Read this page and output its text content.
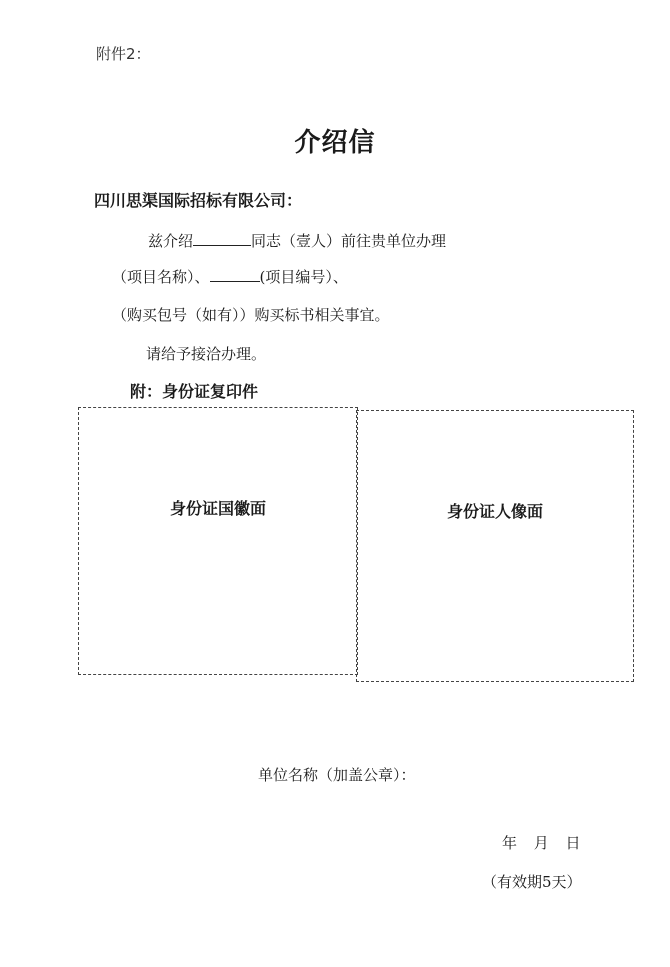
附件2：
介绍信
四川思渠国际招标有限公司：
兹介绍	同志（壹人）前往贵单位办理
（项目名称）、	(项目编号）、
（购买包号（如有））购买标书相关事宜。
请给予接洽办理。
附：身份证复印件
身份证国徽面	身份证人像面
单位名称（加盖公章）：
年 月 日
（有效期5天）
